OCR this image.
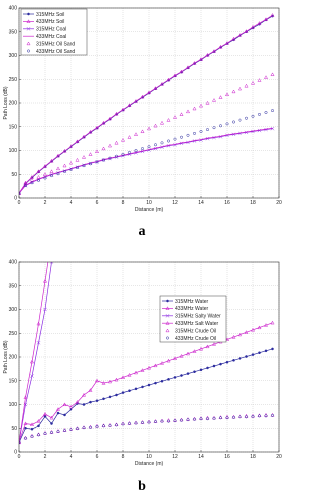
0	2	4	6	8	10	12	14	16	18	20
0
50
100
150
200
250
300
350
400
Distance (m)
Path Loss (dB)
315MHz Soil
433MHz Soil
315MHz Coal
433MHz Coal
315MHz Oil Sand
433MHz Oil Sand
a
0	2	4	6	8	10	12	14	16	18	20
0
50
100
150
200
250
300
350
400
Distance (m)
Path Loss (dB)
315MHz Water
433MHz Water
315MHz Salty Water
433MHz Salt Water
315MHz Crude Oil
433MHz Crude Oil
b
